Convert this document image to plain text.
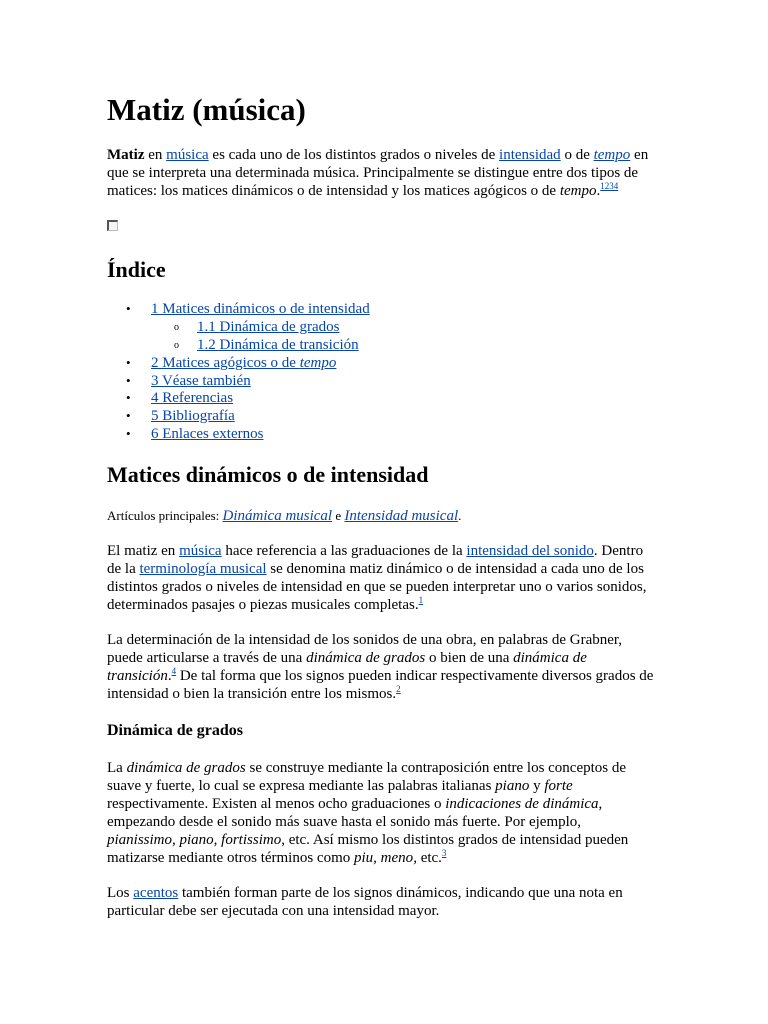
Matiz (música)

Matiz en música es cada uno de los distintos grados o niveles de intensidad o de tempo en que se interpreta una determinada música. Principalmente se distingue entre dos tipos de matices: los matices dinámicos o de intensidad y los matices agógicos o de tempo.$^{1234}$

Índice
• 1 Matices dinámicos o de intensidad
o 1.1 Dinámica de grados
o 1.2 Dinámica de transición
• 2 Matices agógicos o de tempo
• 3 Véase también
• 4 Referencias
• 5 Bibliografía
• 6 Enlaces externos
Matices dinámicos o de intensidad

Artículos principales: Dinámica musical e Intensidad musical.

El matiz en música hace referencia a las graduaciones de la intensidad del sonido. Dentro de la terminología musical se denomina matiz dinámico o de intensidad a cada uno de los distintos grados o niveles de intensidad en que se pueden interpretar uno o varios sonidos, determinados pasajes o piezas musicales completas.$^1$

La determinación de la intensidad de los sonidos de una obra, en palabras de Grabner, puede articularse a través de una dinámica de grados o bien de una dinámica de transición.$^4$ De tal forma que los signos pueden indicar respectivamente diversos grados de intensidad o bien la transición entre los mismos.$^2$

Dinámica de grados

La dinámica de grados se construye mediante la contraposición entre los conceptos de suave y fuerte, lo cual se expresa mediante las palabras italianas piano y forte respectivamente. Existen al menos ocho graduaciones o indicaciones de dinámica, empezando desde el sonido más suave hasta el sonido más fuerte. Por ejemplo, pianissimo, piano, fortissimo, etc. Así mismo los distintos grados de intensidad pueden matizarse mediante otros términos como piu, meno, etc.$^3$

Los acentos también forman parte de los signos dinámicos, indicando que una nota en particular debe ser ejecutada con una intensidad mayor.
